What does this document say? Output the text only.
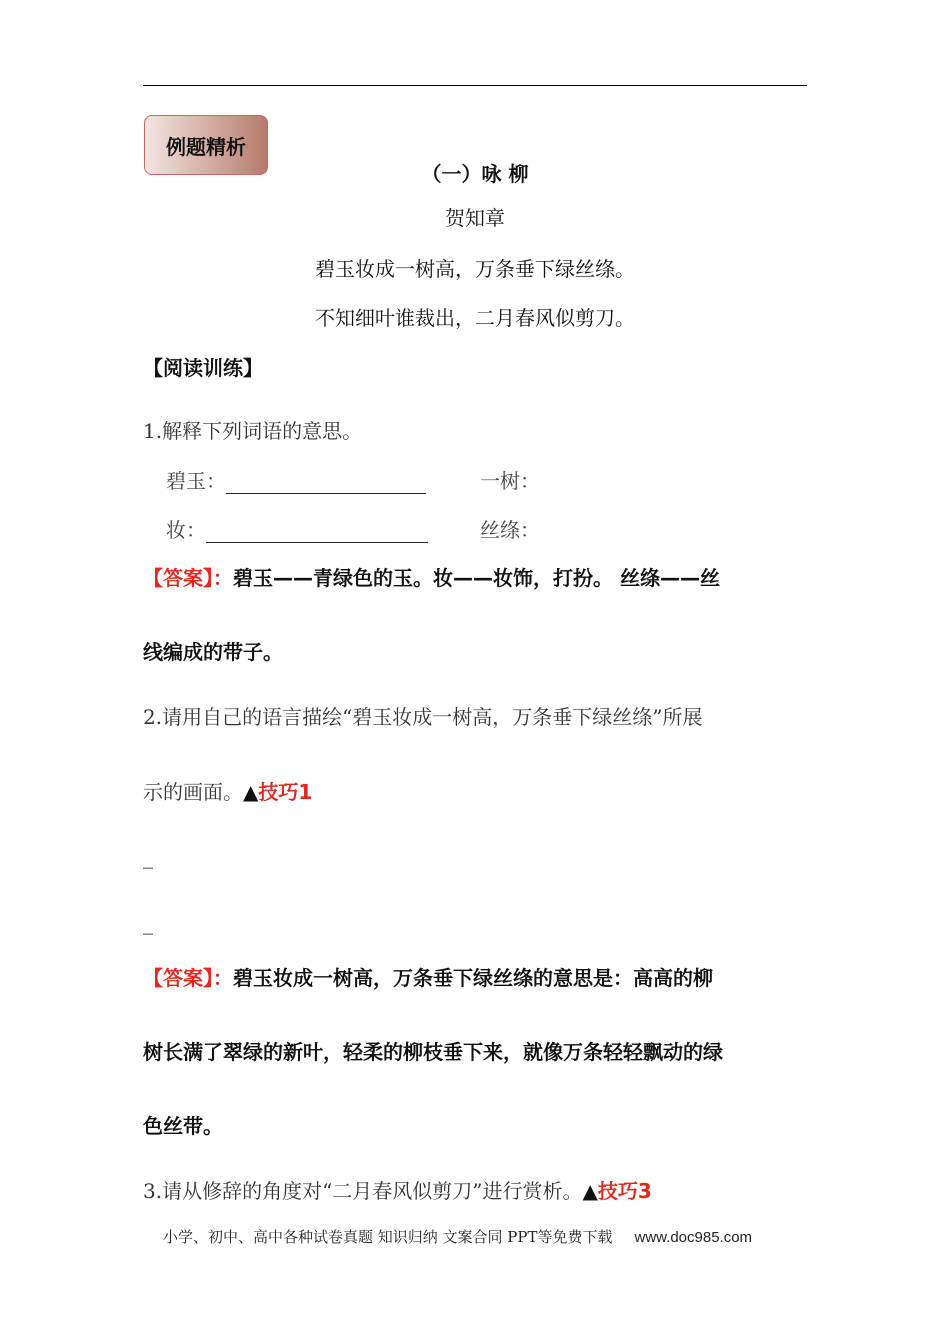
例题精析
（一）咏 柳
贺知章
碧玉妆成一树高，万条垂下绿丝绦。
不知细叶谁裁出，二月春风似剪刀。
【阅读训练】
1.解释下列词语的意思。
碧玉：	一树：
妆：	丝绦：
【答案】：碧玉——青绿色的玉。妆——妆饰，打扮。 丝绦——丝
线编成的带子。
2.请用自己的语言描绘“碧玉妆成一树高，万条垂下绿丝绦”所展
示的画面。▲技巧1
_
_
【答案】：碧玉妆成一树高，万条垂下绿丝绦的意思是：高高的柳
树长满了翠绿的新叶，轻柔的柳枝垂下来，就像万条轻轻飘动的绿
色丝带。
3.请从修辞的角度对“二月春风似剪刀”进行赏析。▲技巧3
小学、初中、高中各种试卷真题 知识归纳 文案合同 PPT等免费下载 www.doc985.com
